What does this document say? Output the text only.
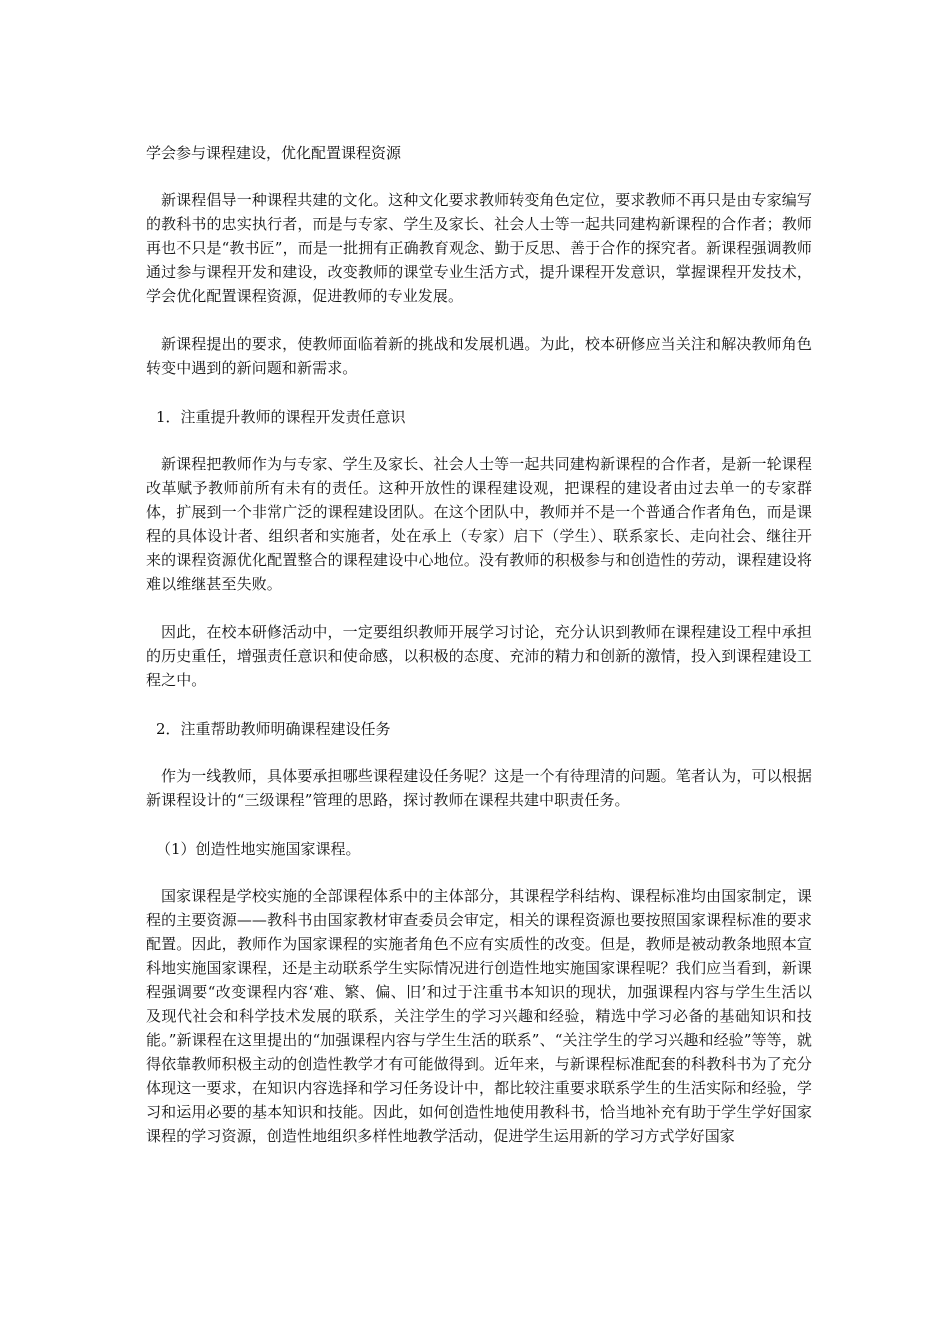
学会参与课程建设，优化配置课程资源
新课程倡导一种课程共建的文化。这种文化要求教师转变角色定位，要求教师不再只是由专家编写的教科书的忠实执行者，而是与专家、学生及家长、社会人士等一起共同建构新课程的合作者；教师再也不只是“教书匠”，而是一批拥有正确教育观念、勤于反思、善于合作的探究者。新课程强调教师通过参与课程开发和建设，改变教师的课堂专业生活方式，提升课程开发意识，掌握课程开发技术，学会优化配置课程资源，促进教师的专业发展。
新课程提出的要求，使教师面临着新的挑战和发展机遇。为此，校本研修应当关注和解决教师角色转变中遇到的新问题和新需求。
1．注重提升教师的课程开发责任意识
新课程把教师作为与专家、学生及家长、社会人士等一起共同建构新课程的合作者，是新一轮课程改革赋予教师前所有未有的责任。这种开放性的课程建设观，把课程的建设者由过去单一的专家群体，扩展到一个非常广泛的课程建设团队。在这个团队中，教师并不是一个普通合作者角色，而是课程的具体设计者、组织者和实施者，处在承上（专家）启下（学生）、联系家长、走向社会、继往开来的课程资源优化配置整合的课程建设中心地位。没有教师的积极参与和创造性的劳动，课程建设将难以维继甚至失败。
因此，在校本研修活动中，一定要组织教师开展学习讨论，充分认识到教师在课程建设工程中承担的历史重任，增强责任意识和使命感，以积极的态度、充沛的精力和创新的激情，投入到课程建设工程之中。
2．注重帮助教师明确课程建设任务
作为一线教师，具体要承担哪些课程建设任务呢？这是一个有待理清的问题。笔者认为，可以根据新课程设计的“三级课程”管理的思路，探讨教师在课程共建中职责任务。
（1）创造性地实施国家课程。
国家课程是学校实施的全部课程体系中的主体部分，其课程学科结构、课程标准均由国家制定，课程的主要资源——教科书由国家教材审查委员会审定，相关的课程资源也要按照国家课程标准的要求配置。因此，教师作为国家课程的实施者角色不应有实质性的改变。但是，教师是被动教条地照本宣科地实施国家课程，还是主动联系学生实际情况进行创造性地实施国家课程呢？我们应当看到，新课程强调要“改变课程内容‘难、繁、偏、旧’和过于注重书本知识的现状，加强课程内容与学生生活以及现代社会和科学技术发展的联系，关注学生的学习兴趣和经验，精选中学习必备的基础知识和技能。”新课程在这里提出的“加强课程内容与学生生活的联系”、“关注学生的学习兴趣和经验”等等，就得依靠教师积极主动的创造性教学才有可能做得到。近年来，与新课程标准配套的科教科书为了充分体现这一要求，在知识内容选择和学习任务设计中，都比较注重要求联系学生的生活实际和经验，学习和运用必要的基本知识和技能。因此，如何创造性地使用教科书，恰当地补充有助于学生学好国家课程的学习资源，创造性地组织多样性地教学活动，促进学生运用新的学习方式学好国家
